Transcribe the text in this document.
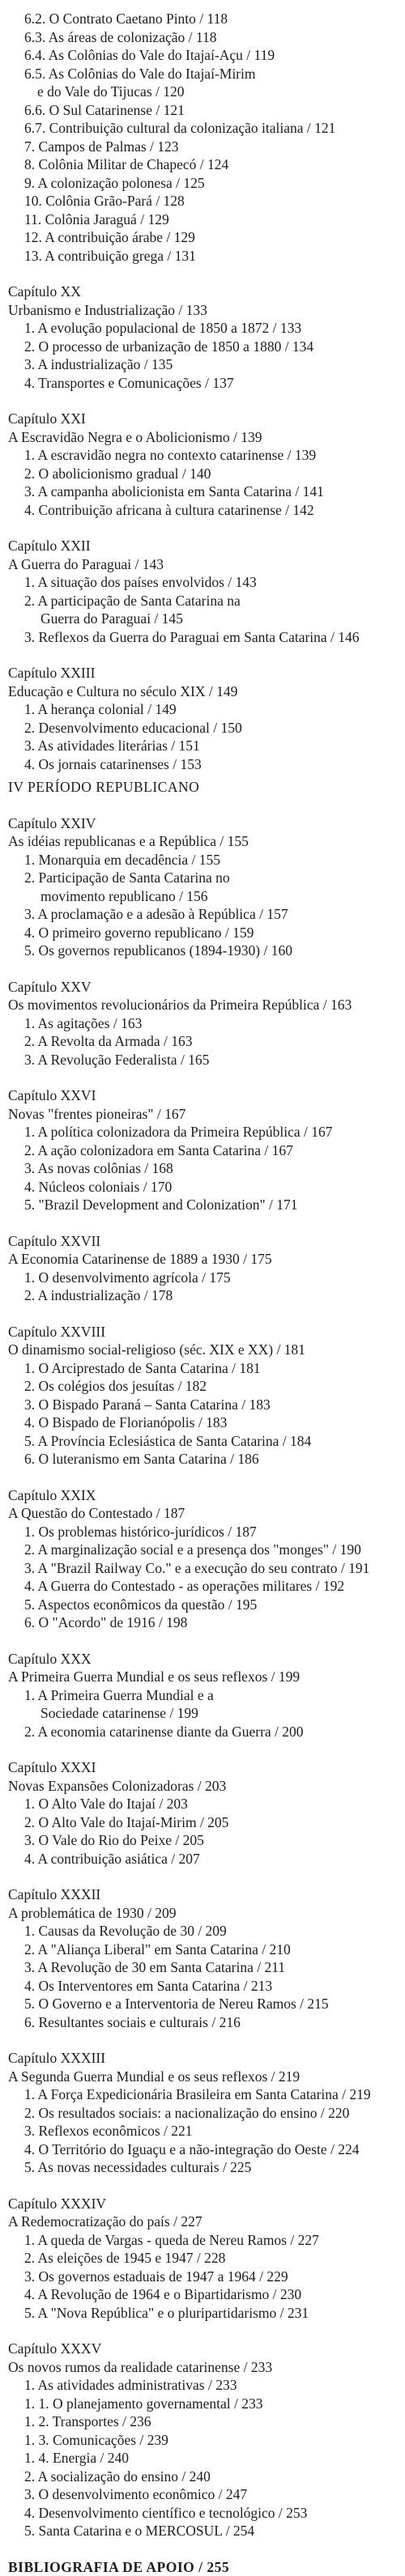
6.2. O Contrato Caetano Pinto / 118
6.3. As áreas de colonização / 118
6.4. As Colônias do Vale do Itajaí-Açu / 119
6.5. As Colônias do Vale do Itajaí-Mirim
e do Vale do Tijucas / 120
6.6. O Sul Catarinense / 121
6.7. Contribuição cultural da colonização italiana / 121
7. Campos de Palmas / 123
8. Colônia Militar de Chapecó / 124
9. A colonização polonesa / 125
10. Colônia Grão-Pará / 128
11. Colônia Jaraguá / 129
12. A contribuição árabe / 129
13. A contribuição grega / 131
Capítulo XX
Urbanismo e Industrialização / 133
1. A evolução populacional de 1850 a 1872 / 133
2. O processo de urbanização de 1850 a 1880 / 134
3. A industrialização / 135
4. Transportes e Comunicações / 137
Capítulo XXI
A Escravidão Negra e o Abolicionismo / 139
1. A escravidão negra no contexto catarinense / 139
2. O abolicionismo gradual / 140
3. A campanha abolicionista em Santa Catarina / 141
4. Contribuição africana à cultura catarinense / 142
Capítulo XXII
A Guerra do Paraguai / 143
1. A situação dos países envolvidos / 143
2. A participação de Santa Catarina na
Guerra do Paraguai / 145
3. Reflexos da Guerra do Paraguai em Santa Catarina / 146
Capítulo XXIII
Educação e Cultura no século XIX / 149
1. A herança colonial / 149
2. Desenvolvimento educacional / 150
3. As atividades literárias / 151
4. Os jornais catarinenses / 153
IV PERÍODO REPUBLICANO
Capítulo XXIV
As idéias republicanas e a República / 155
1. Monarquia em decadência / 155
2. Participação de Santa Catarina no
movimento republicano / 156
3. A proclamação e a adesão à República / 157
4. O primeiro governo republicano / 159
5. Os governos republicanos (1894-1930) / 160
Capítulo XXV
Os movimentos revolucionários da Primeira República / 163
1. As agitações / 163
2. A Revolta da Armada / 163
3. A Revolução Federalista / 165
Capítulo XXVI
Novas "frentes pioneiras" / 167
1. A política colonizadora da Primeira República / 167
2. A ação colonizadora em Santa Catarina / 167
3. As novas colônias / 168
4. Núcleos coloniais / 170
5. "Brazil Development and Colonization" / 171
Capítulo XXVII
A Economia Catarinense de 1889 a 1930 / 175
1. O desenvolvimento agrícola / 175
2. A industrialização / 178
Capítulo XXVIII
O dinamismo social-religioso (séc. XIX e XX) / 181
1. O Arciprestado de Santa Catarina / 181
2. Os colégios dos jesuítas / 182
3. O Bispado Paraná – Santa Catarina / 183
4. O Bispado de Florianópolis / 183
5. A Província Eclesiástica de Santa Catarina / 184
6. O luteranismo em Santa Catarina / 186
Capítulo XXIX
A Questão do Contestado / 187
1. Os problemas histórico-jurídicos / 187
2. A marginalização social e a presença dos "monges" / 190
3. A "Brazil Railway Co." e a execução do seu contrato / 191
4. A Guerra do Contestado - as operações militares / 192
5. Aspectos econômicos da questão / 195
6. O "Acordo" de 1916 / 198
Capítulo XXX
A Primeira Guerra Mundial e os seus reflexos / 199
1. A Primeira Guerra Mundial e a
Sociedade catarinense / 199
2. A economia catarinense diante da Guerra / 200
Capítulo XXXI
Novas Expansões Colonizadoras / 203
1. O Alto Vale do Itajaí / 203
2. O Alto Vale do Itajaí-Mirim / 205
3. O Vale do Rio do Peixe / 205
4. A contribuição asiática / 207
Capítulo XXXII
A problemática de 1930 / 209
1. Causas da Revolução de 30 / 209
2. A "Aliança Liberal" em Santa Catarina / 210
3. A Revolução de 30 em Santa Catarina / 211
4. Os Interventores em Santa Catarina / 213
5. O Governo e a Interventoria de Nereu Ramos / 215
6. Resultantes sociais e culturais / 216
Capítulo XXXIII
A Segunda Guerra Mundial e os seus reflexos / 219
1. A Força Expedicionária Brasileira em Santa Catarina / 219
2. Os resultados sociais: a nacionalização do ensino / 220
3. Reflexos econômicos / 221
4. O Território do Iguaçu e a não-integração do Oeste / 224
5. As novas necessidades culturais / 225
Capítulo XXXIV
A Redemocratização do país / 227
1. A queda de Vargas - queda de Nereu Ramos / 227
2. As eleições de 1945 e 1947 / 228
3. Os governos estaduais de 1947 a 1964 / 229
4. A Revolução de 1964 e o Bipartidarismo / 230
5. A "Nova República" e o pluripartidarismo / 231
Capítulo XXXV
Os novos rumos da realidade catarinense / 233
1. As atividades administrativas / 233
1. 1. O planejamento governamental / 233
1. 2. Transportes / 236
1. 3. Comunicações / 239
1. 4. Energia / 240
2. A socialização do ensino / 240
3. O desenvolvimento econômico / 247
4. Desenvolvimento científico e tecnológico / 253
5. Santa Catarina e o MERCOSUL / 254
BIBLIOGRAFIA DE APOIO / 255
